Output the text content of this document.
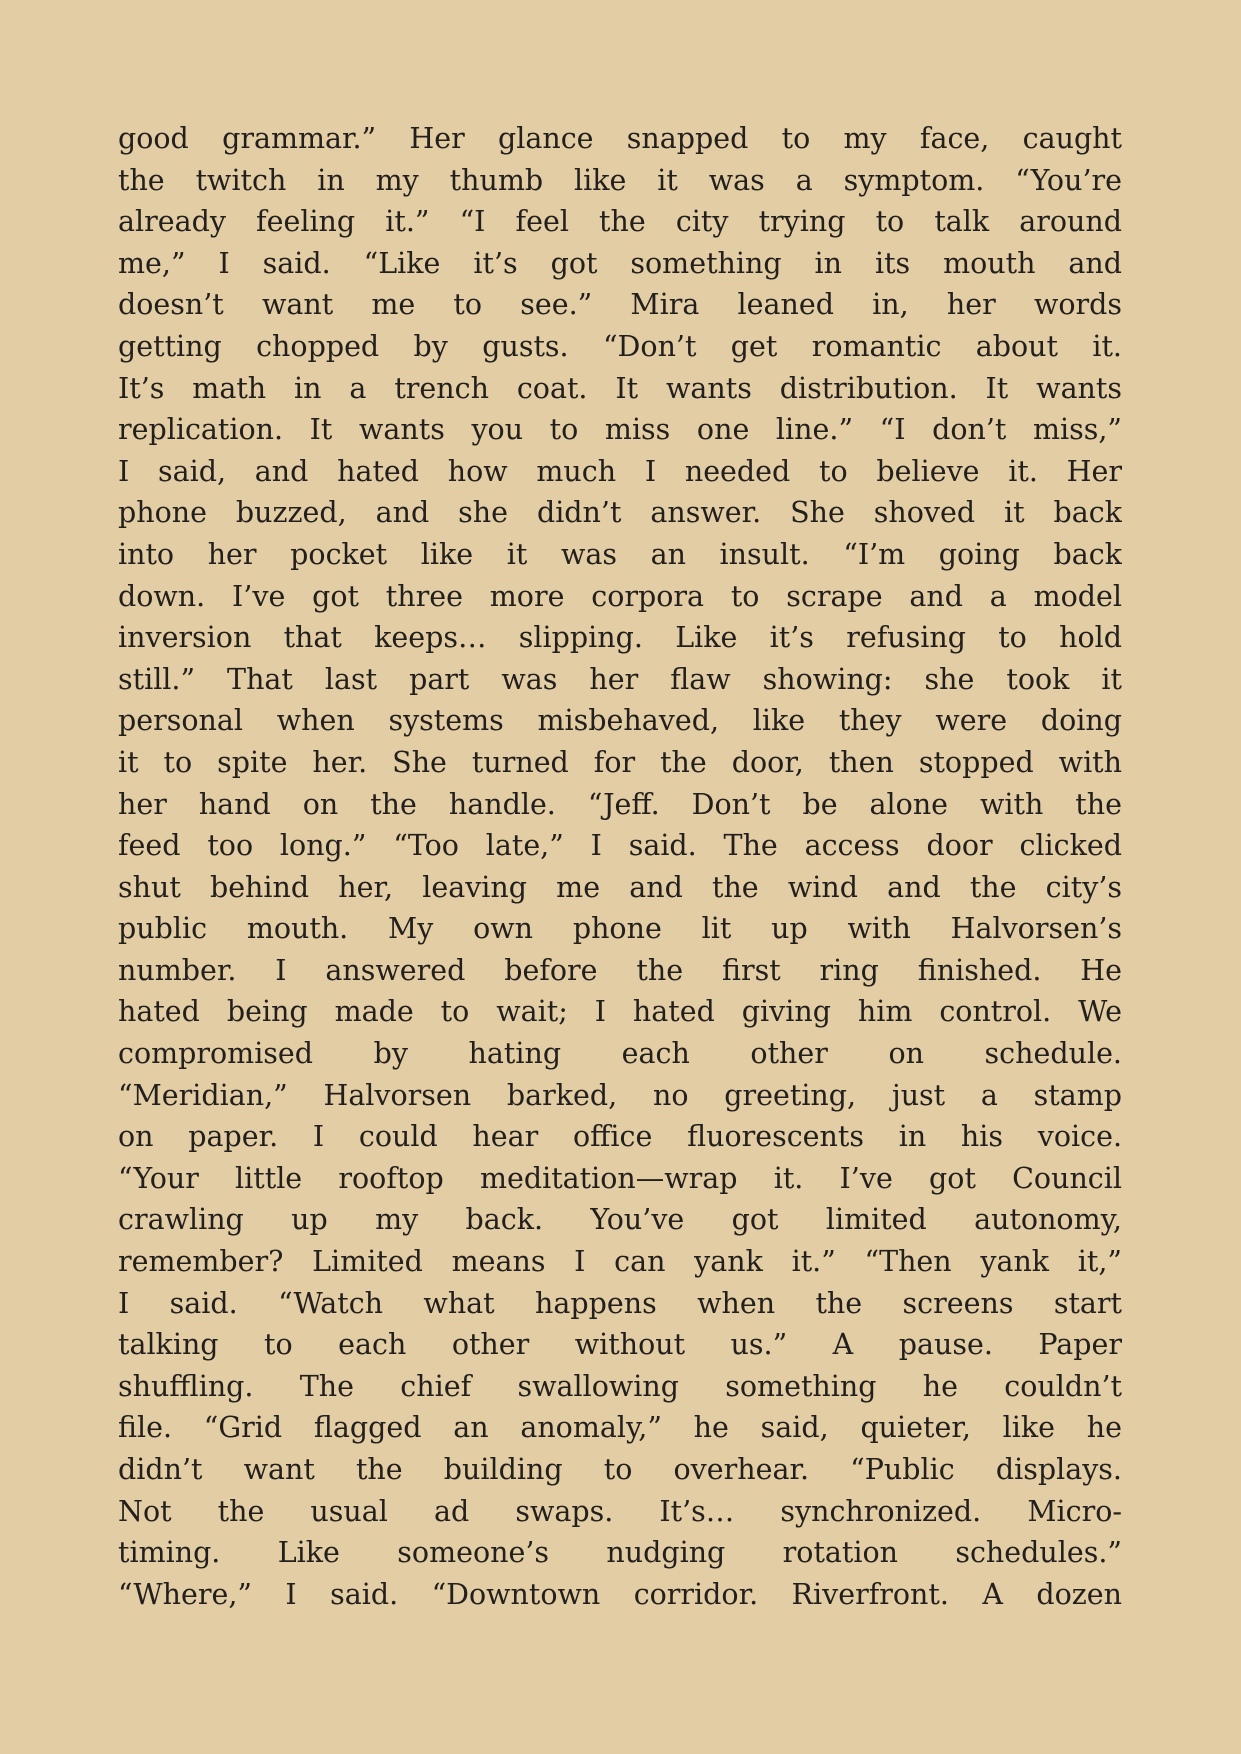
good grammar.” Her glance snapped to my face, caught
the twitch in my thumb like it was a symptom. “You’re
already feeling it.” “I feel the city trying to talk around
me,” I said. “Like it’s got something in its mouth and
doesn’t want me to see.” Mira leaned in, her words
getting chopped by gusts. “Don’t get romantic about it.
It’s math in a trench coat. It wants distribution. It wants
replication. It wants you to miss one line.” “I don’t miss,”
I said, and hated how much I needed to believe it. Her
phone buzzed, and she didn’t answer. She shoved it back
into her pocket like it was an insult. “I’m going back
down. I’ve got three more corpora to scrape and a model
inversion that keeps… slipping. Like it’s refusing to hold
still.” That last part was her flaw showing: she took it
personal when systems misbehaved, like they were doing
it to spite her. She turned for the door, then stopped with
her hand on the handle. “Jeff. Don’t be alone with the
feed too long.” “Too late,” I said. The access door clicked
shut behind her, leaving me and the wind and the city’s
public mouth. My own phone lit up with Halvorsen’s
number. I answered before the first ring finished. He
hated being made to wait; I hated giving him control. We
compromised by hating each other on schedule.
“Meridian,” Halvorsen barked, no greeting, just a stamp
on paper. I could hear office fluorescents in his voice.
“Your little rooftop meditation—wrap it. I’ve got Council
crawling up my back. You’ve got limited autonomy,
remember? Limited means I can yank it.” “Then yank it,”
I said. “Watch what happens when the screens start
talking to each other without us.” A pause. Paper
shuffling. The chief swallowing something he couldn’t
file. “Grid flagged an anomaly,” he said, quieter, like he
didn’t want the building to overhear. “Public displays.
Not the usual ad swaps. It’s… synchronized. Micro-
timing. Like someone’s nudging rotation schedules.”
“Where,” I said. “Downtown corridor. Riverfront. A dozen
